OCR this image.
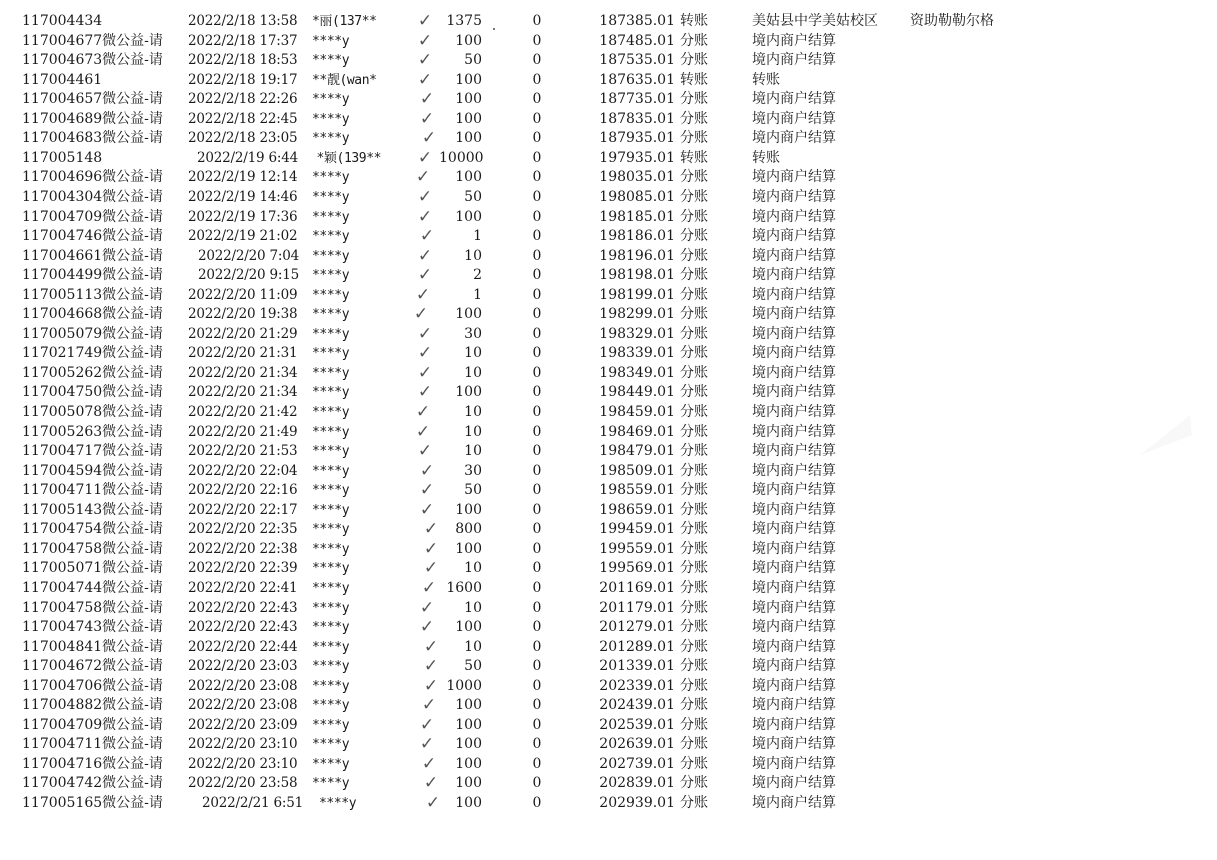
117004434	2022/2/18 13:58 *丽(137** ✓	1375	0	187385.01 转账	美姑县中学美姑校区 资助勒勒尔格
117004677微公益-请 2022/2/18 17:37 ****y	✓	100	0	187485.01 分账	境内商户结算
117004673微公益-请 2022/2/18 18:53 ****y	✓	50	0	187535.01 分账	境内商户结算
117004461	2022/2/18 19:17 **靓(wan* ✓	100	0	187635.01 转账	转账
117004657微公益-请 2022/2/18 22:26 ****y	✓	100	0	187735.01 分账	境内商户结算
117004689微公益-请 2022/2/18 22:45 ****y	✓	100	0	187835.01 分账	境内商户结算
117004683微公益-请 2022/2/18 23:05 ****y	✓	100	0	187935.01 分账	境内商户结算
117005148	2022/2/19 6:44 *颖(139** ✓ 10000	0	197935.01 转账	转账
117004696微公益-请 2022/2/19 12:14 ****y	✓	100	0	198035.01 分账	境内商户结算
117004304微公益-请 2022/2/19 14:46 ****y	✓	50	0	198085.01 分账	境内商户结算
117004709微公益-请 2022/2/19 17:36 ****y	✓	100	0	198185.01 分账	境内商户结算
117004746微公益-请 2022/2/19 21:02 ****y	✓	1	0	198186.01 分账	境内商户结算
117004661微公益-请	2022/2/20 7:04 ****y	✓	10	0	198196.01 分账	境内商户结算
117004499微公益-请	2022/2/20 9:15 ****y	✓	2	0	198198.01 分账	境内商户结算
117005113微公益-请 2022/2/20 11:09 ****y	✓	1	0	198199.01 分账	境内商户结算
117004668微公益-请 2022/2/20 19:38 ****y	✓	100	0	198299.01 分账	境内商户结算
117005079微公益-请 2022/2/20 21:29 ****y	✓	30	0	198329.01 分账	境内商户结算
117021749微公益-请 2022/2/20 21:31 ****y	✓	10	0	198339.01 分账	境内商户结算
117005262微公益-请 2022/2/20 21:34 ****y	✓	10	0	198349.01 分账	境内商户结算
117004750微公益-请 2022/2/20 21:34 ****y	✓	100	0	198449.01 分账	境内商户结算
117005078微公益-请 2022/2/20 21:42 ****y	✓	10	0	198459.01 分账	境内商户结算
117005263微公益-请 2022/2/20 21:49 ****y	✓	10	0	198469.01 分账	境内商户结算
117004717微公益-请 2022/2/20 21:53 ****y	✓	10	0	198479.01 分账	境内商户结算
117004594微公益-请 2022/2/20 22:04 ****y	✓	30	0	198509.01 分账	境内商户结算
117004711微公益-请 2022/2/20 22:16 ****y	✓	50	0	198559.01 分账	境内商户结算
117005143微公益-请 2022/2/20 22:17 ****y	✓	100	0	198659.01 分账	境内商户结算
117004754微公益-请 2022/2/20 22:35 ****y	✓	800	0	199459.01 分账	境内商户结算
117004758微公益-请 2022/2/20 22:38 ****y	✓	100	0	199559.01 分账	境内商户结算
117005071微公益-请 2022/2/20 22:39 ****y	✓	10	0	199569.01 分账	境内商户结算
117004744微公益-请 2022/2/20 22:41 ****y	✓ 1600	0	201169.01 分账	境内商户结算
117004758微公益-请 2022/2/20 22:43 ****y	✓	10	0	201179.01 分账	境内商户结算
117004743微公益-请 2022/2/20 22:43 ****y	✓	100	0	201279.01 分账	境内商户结算
117004841微公益-请 2022/2/20 22:44 ****y	✓	10	0	201289.01 分账	境内商户结算
117004672微公益-请 2022/2/20 23:03 ****y	✓	50	0	201339.01 分账	境内商户结算
117004706微公益-请 2022/2/20 23:08 ****y	✓ 1000	0	202339.01 分账	境内商户结算
117004882微公益-请 2022/2/20 23:08 ****y	✓	100	0	202439.01 分账	境内商户结算
117004709微公益-请 2022/2/20 23:09 ****y	✓	100	0	202539.01 分账	境内商户结算
117004711微公益-请 2022/2/20 23:10 ****y	✓	100	0	202639.01 分账	境内商户结算
117004716微公益-请 2022/2/20 23:10 ****y	✓	100	0	202739.01 分账	境内商户结算
117004742微公益-请 2022/2/20 23:58 ****y	✓	100	0	202839.01 分账	境内商户结算
117005165微公益-请	2022/2/21 6:51 ****y	✓	100	0	202939.01 分账	境内商户结算
